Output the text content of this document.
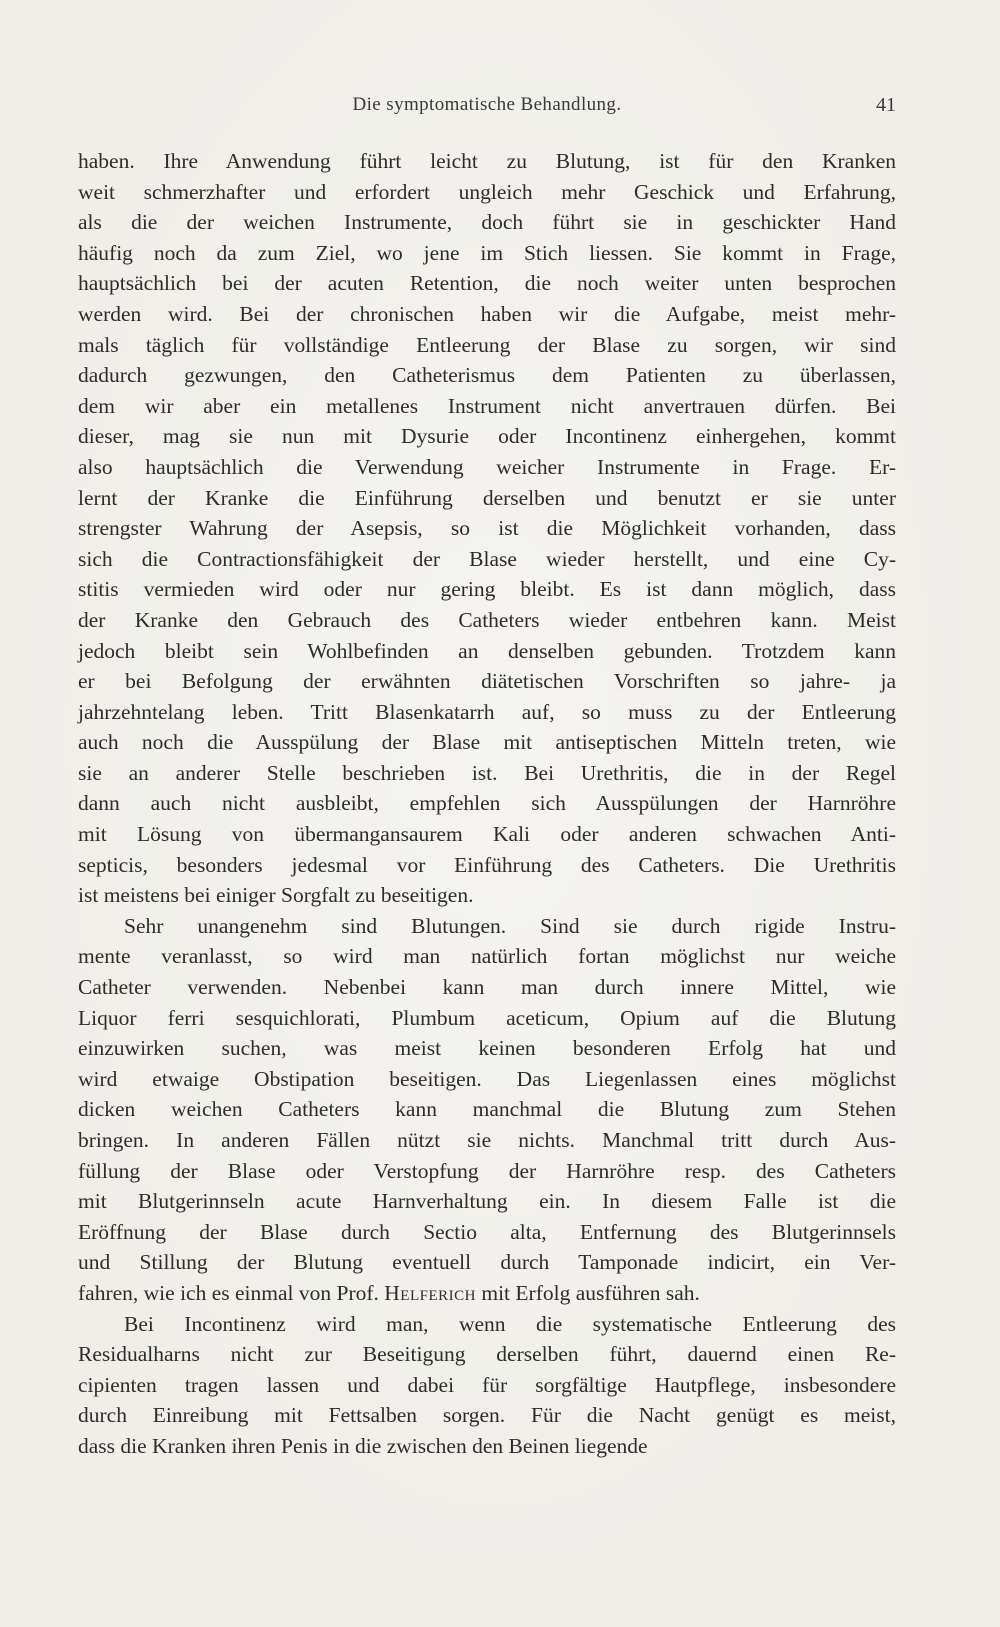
Die symptomatische Behandlung.	41
haben. Ihre Anwendung führt leicht zu Blutung, ist für den Kranken
weit schmerzhafter und erfordert ungleich mehr Geschick und Erfahrung,
als die der weichen Instrumente, doch führt sie in geschickter Hand
häufig noch da zum Ziel, wo jene im Stich liessen. Sie kommt in Frage,
hauptsächlich bei der acuten Retention, die noch weiter unten besprochen
werden wird. Bei der chronischen haben wir die Aufgabe, meist mehr-
mals täglich für vollständige Entleerung der Blase zu sorgen, wir sind
dadurch gezwungen, den Catheterismus dem Patienten zu überlassen,
dem wir aber ein metallenes Instrument nicht anvertrauen dürfen. Bei
dieser, mag sie nun mit Dysurie oder Incontinenz einhergehen, kommt
also hauptsächlich die Verwendung weicher Instrumente in Frage. Er-
lernt der Kranke die Einführung derselben und benutzt er sie unter
strengster Wahrung der Asepsis, so ist die Möglichkeit vorhanden, dass
sich die Contractionsfähigkeit der Blase wieder herstellt, und eine Cy-
stitis vermieden wird oder nur gering bleibt. Es ist dann möglich, dass
der Kranke den Gebrauch des Catheters wieder entbehren kann. Meist
jedoch bleibt sein Wohlbefinden an denselben gebunden. Trotzdem kann
er bei Befolgung der erwähnten diätetischen Vorschriften so jahre- ja
jahrzehntelang leben. Tritt Blasenkatarrh auf, so muss zu der Entleerung
auch noch die Ausspülung der Blase mit antiseptischen Mitteln treten, wie
sie an anderer Stelle beschrieben ist. Bei Urethritis, die in der Regel
dann auch nicht ausbleibt, empfehlen sich Ausspülungen der Harnröhre
mit Lösung von übermangansaurem Kali oder anderen schwachen Anti-
septicis, besonders jedesmal vor Einführung des Catheters. Die Urethritis
ist meistens bei einiger Sorgfalt zu beseitigen.
Sehr unangenehm sind Blutungen. Sind sie durch rigide Instru-
mente veranlasst, so wird man natürlich fortan möglichst nur weiche
Catheter verwenden. Nebenbei kann man durch innere Mittel, wie
Liquor ferri sesquichlorati, Plumbum aceticum, Opium auf die Blutung
einzuwirken suchen, was meist keinen besonderen Erfolg hat und
wird etwaige Obstipation beseitigen. Das Liegenlassen eines möglichst
dicken weichen Catheters kann manchmal die Blutung zum Stehen
bringen. In anderen Fällen nützt sie nichts. Manchmal tritt durch Aus-
füllung der Blase oder Verstopfung der Harnröhre resp. des Catheters
mit Blutgerinnseln acute Harnverhaltung ein. In diesem Falle ist die
Eröffnung der Blase durch Sectio alta, Entfernung des Blutgerinnsels
und Stillung der Blutung eventuell durch Tamponade indicirt, ein Ver-
fahren, wie ich es einmal von Prof. Helferich mit Erfolg ausführen sah.
Bei Incontinenz wird man, wenn die systematische Entleerung des
Residualharns nicht zur Beseitigung derselben führt, dauernd einen Re-
cipienten tragen lassen und dabei für sorgfältige Hautpflege, insbesondere
durch Einreibung mit Fettsalben sorgen. Für die Nacht genügt es meist,
dass die Kranken ihren Penis in die zwischen den Beinen liegende
